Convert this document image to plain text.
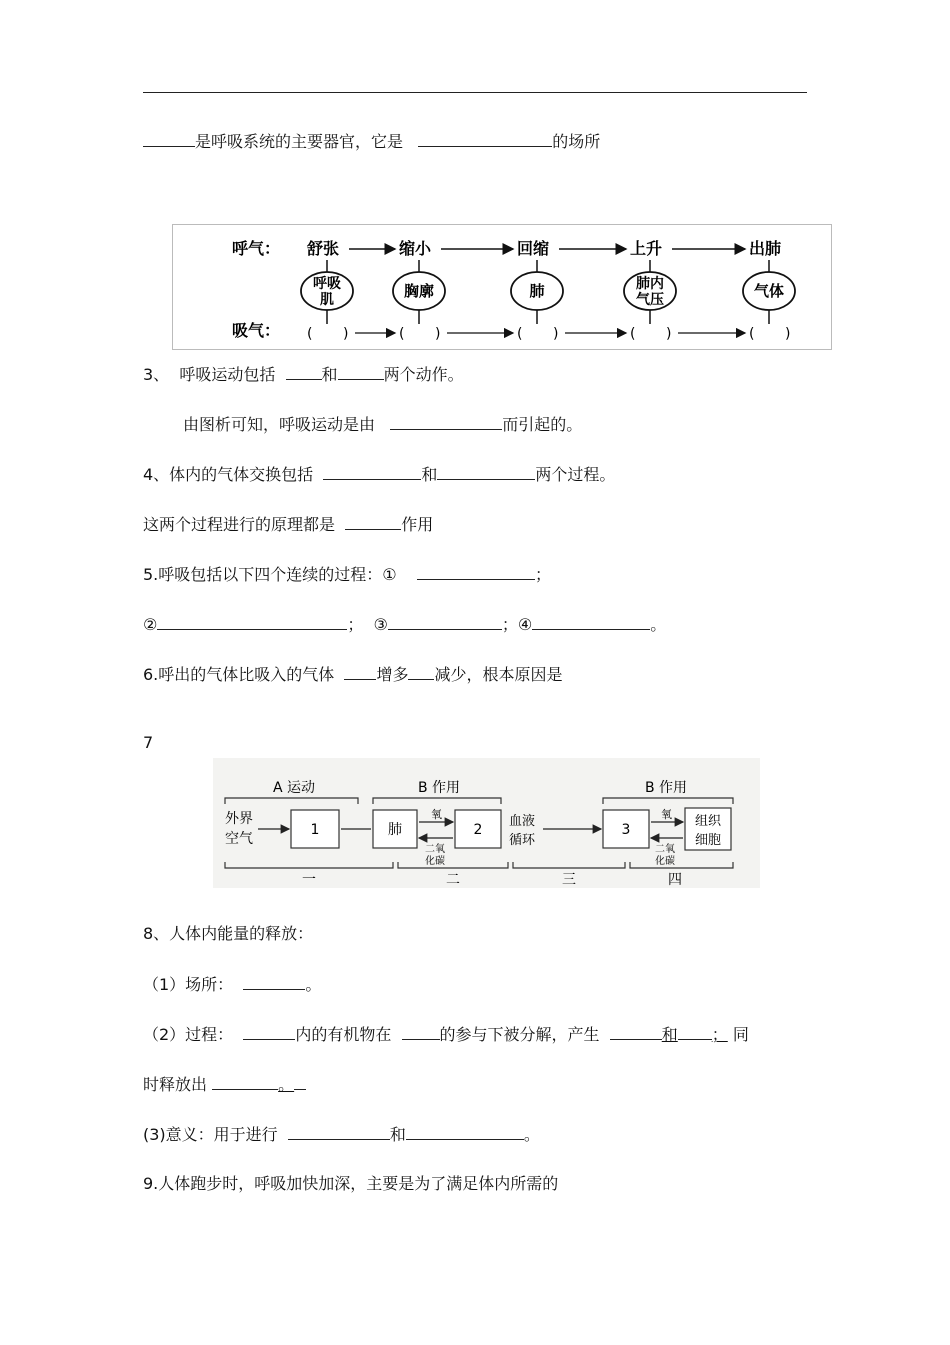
是呼吸系统的主要器官，它是	的场所
呼气：
吸气：
舒张	缩小	回缩	上升	出肺
呼吸
肌	胸廓	肺	肺内
气压	气体
( )	( )	( )	( )	( )
3、 呼吸运动包括	和	两个动作。
由图析可知，呼吸运动是由	而引起的。
4、体内的气体交换包括	和	两个过程。
这两个过程进行的原理都是	作用
5.呼吸包括以下四个连续的过程：①	；
②	； ③	；④	。
6.呼出的气体比吸入的气体	增多 减少，根本原因是
7
A 运动	B 作用	B 作用
外界
空气
1	肺	2
血液
循环
3
组织
细胞
氧
二氧
化碳
氧
二氧
化碳
一	二	三	四
8、人体内能量的释放：
（1）场所：	。
（2）过程：	内的有机物在	的参与下被分解，产生	和 ； 同
时释放出	。
(3)意义：用于进行	和	。
9.人体跑步时，呼吸加快加深，主要是为了满足体内所需的
